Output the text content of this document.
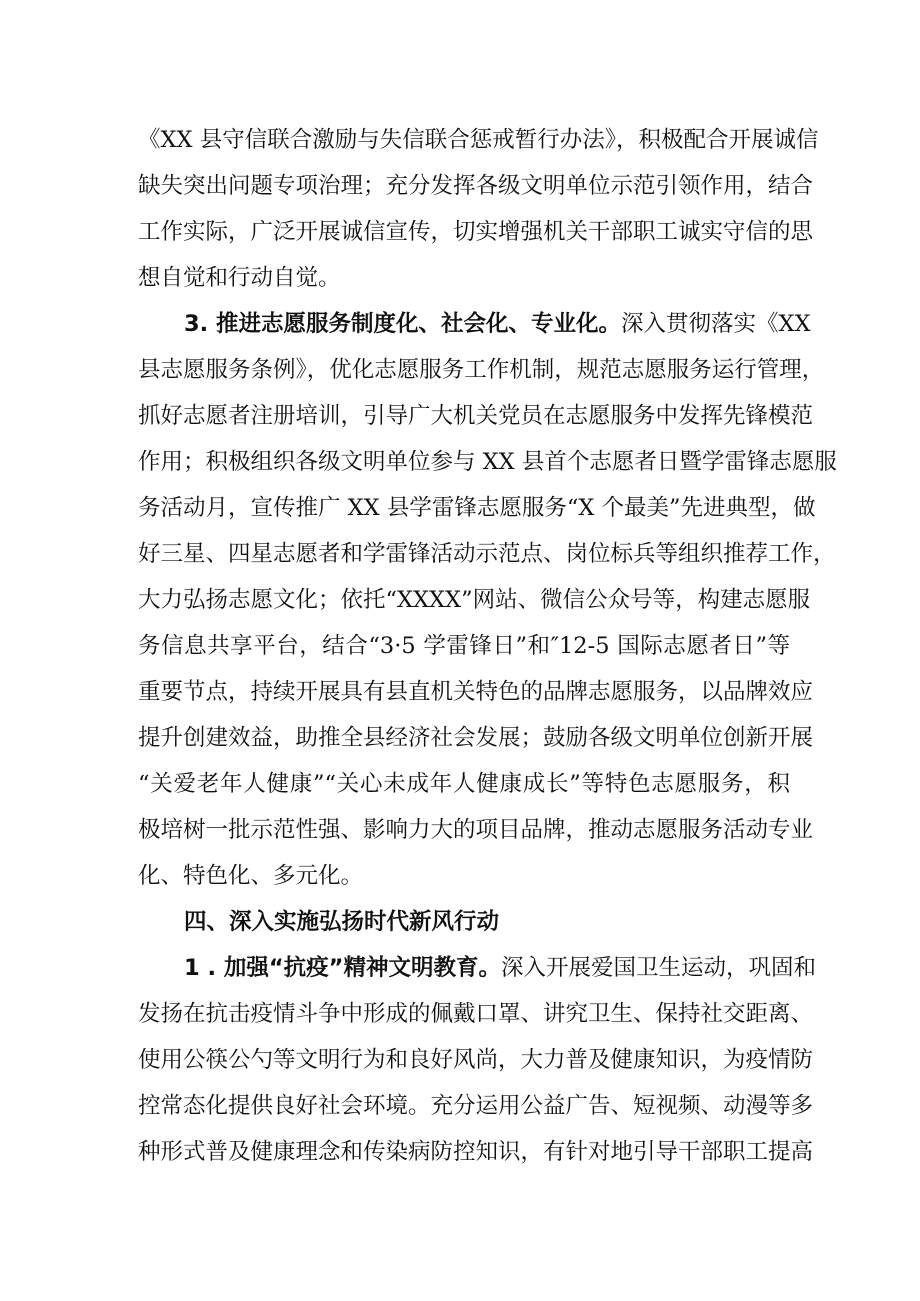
《XX 县守信联合激励与失信联合惩戒暂行办法》，积极配合开展诚信
缺失突出问题专项治理；充分发挥各级文明单位示范引领作用，结合
工作实际，广泛开展诚信宣传，切实增强机关干部职工诚实守信的思
想自觉和行动自觉。
3. 推进志愿服务制度化、社会化、专业化。深入贯彻落实《XX
县志愿服务条例》，优化志愿服务工作机制，规范志愿服务运行管理，
抓好志愿者注册培训，引导广大机关党员在志愿服务中发挥先锋模范
作用；积极组织各级文明单位参与 XX 县首个志愿者日暨学雷锋志愿服
务活动月，宣传推广 XX 县学雷锋志愿服务“X 个最美”先进典型，做
好三星、四星志愿者和学雷锋活动示范点、岗位标兵等组织推荐工作，
大力弘扬志愿文化；依托“XXXX”网站、微信公众号等，构建志愿服
务信息共享平台，结合“3·5 学雷锋日”和″12-5 国际志愿者日”等
重要节点，持续开展具有县直机关特色的品牌志愿服务，以品牌效应
提升创建效益，助推全县经济社会发展；鼓励各级文明单位创新开展
“关爱老年人健康”“关心未成年人健康成长”等特色志愿服务，积
极培树一批示范性强、影响力大的项目品牌，推动志愿服务活动专业
化、特色化、多元化。
四、深入实施弘扬时代新风行动
1 . 加强“抗疫”精神文明教育。深入开展爱国卫生运动，巩固和
发扬在抗击疫情斗争中形成的佩戴口罩、讲究卫生、保持社交距离、
使用公筷公勺等文明行为和良好风尚，大力普及健康知识，为疫情防
控常态化提供良好社会环境。充分运用公益广告、短视频、动漫等多
种形式普及健康理念和传染病防控知识，有针对地引导干部职工提高
